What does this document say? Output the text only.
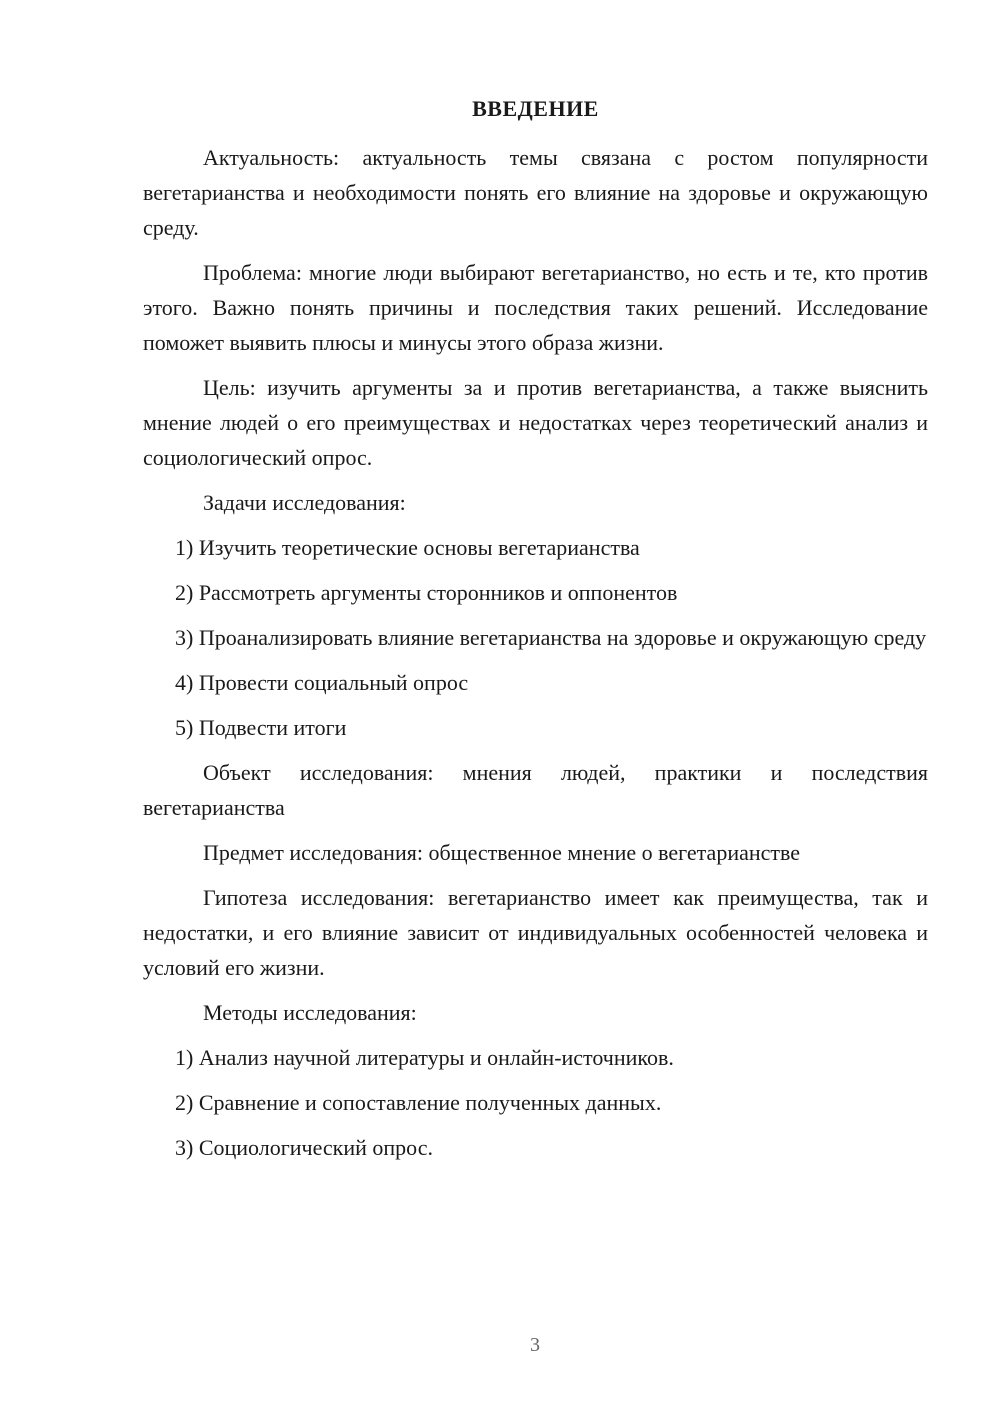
ВВЕДЕНИЕ

Актуальность: актуальность темы связана с ростом популярности вегетарианства и необходимости понять его влияние на здоровье и окружающую среду.

Проблема: многие люди выбирают вегетарианство, но есть и те, кто против этого. Важно понять причины и последствия таких решений. Исследование поможет выявить плюсы и минусы этого образа жизни.

Цель: изучить аргументы за и против вегетарианства, а также выяснить мнение людей о его преимуществах и недостатках через теоретический анализ и социологический опрос.

Задачи исследования:

1) Изучить теоретические основы вегетарианства

2) Рассмотреть аргументы сторонников и оппонентов

3) Проанализировать влияние вегетарианства на здоровье и окружающую среду

4) Провести социальный опрос

5) Подвести итоги

Объект исследования: мнения людей, практики и последствия вегетарианства

Предмет исследования: общественное мнение о вегетарианстве

Гипотеза исследования: вегетарианство имеет как преимущества, так и недостатки, и его влияние зависит от индивидуальных особенностей человека и условий его жизни.

Методы исследования:

1) Анализ научной литературы и онлайн-источников.

2) Сравнение и сопоставление полученных данных.

3) Социологический опрос.

3
